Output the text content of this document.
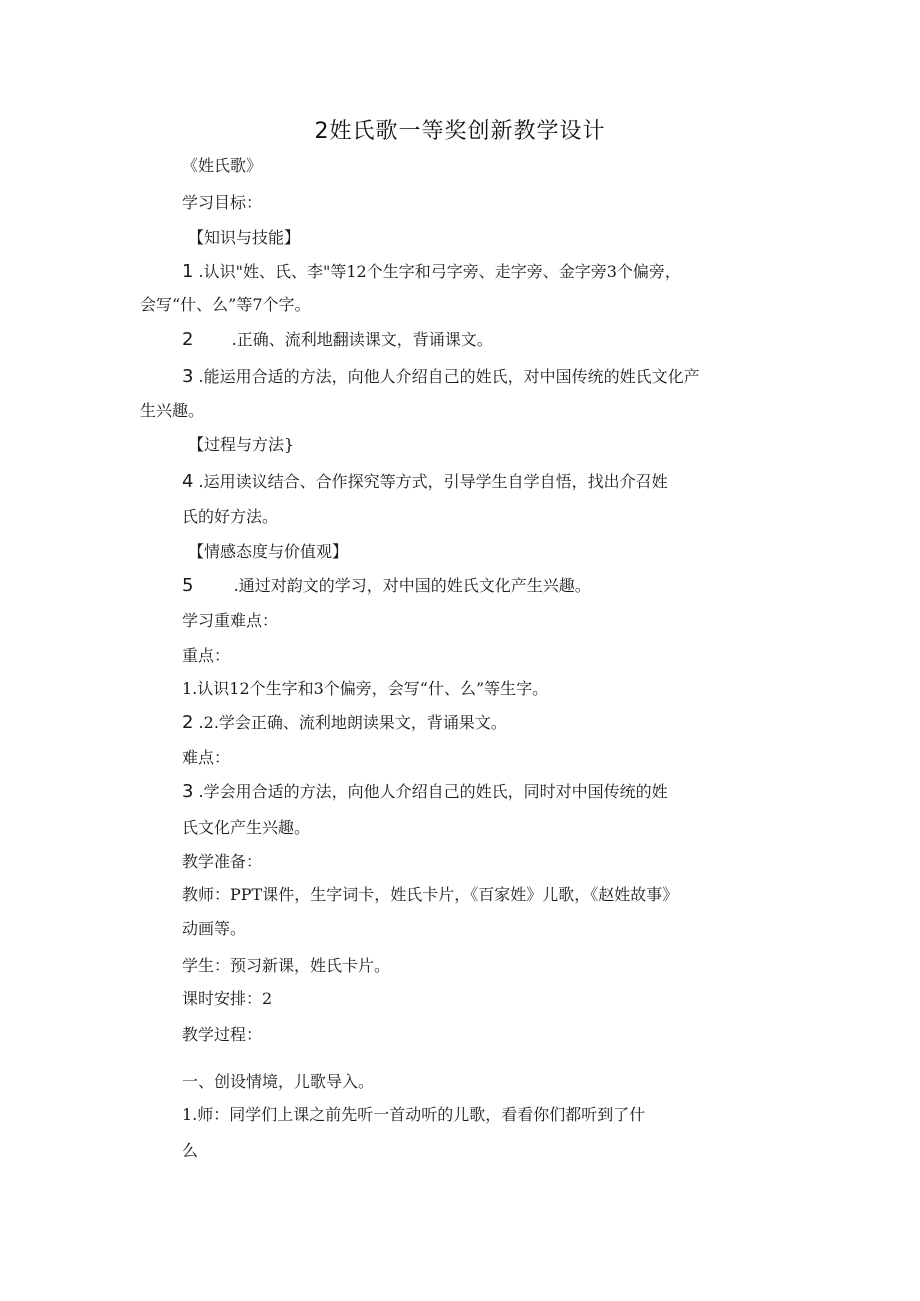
2姓氏歌一等奖创新教学设计
《姓氏歌》
学习目标：
【知识与技能】
1 .认识"姓、氏、李"等12个生字和弓字旁、走字旁、金字旁3个偏旁，
会写“什、么”等7个字。
2 .正确、流利地翻读课文，背诵课文。
3 .能运用合适的方法，向他人介绍自己的姓氏，对中国传统的姓氏文化产
生兴趣。
【过程与方法}
4 .运用读议结合、合作探究等方式，引导学生自学自悟，找出介召姓
氏的好方法。
【情感态度与价值观】
5	.通过对韵文的学习，对中国的姓氏文化产生兴趣。
学习重难点：
重点：
1.认识12个生字和3个偏旁，会写“什、么”等生字。
2 .2.学会正确、流利地朗读果文，背诵果文。
难点：
3 .学会用合适的方法，向他人介绍自己的姓氏，同时对中国传统的姓
氏文化产生兴趣。
教学准备：
教师：PPT课件，生字词卡，姓氏卡片，《百家姓》儿歌，《赵姓故事》
动画等。
学生：预习新课，姓氏卡片。
课时安排：2
教学过程：
一、创设情境，儿歌导入。
1.师：同学们上课之前先听一首动听的儿歌，看看你们都听到了什
么
